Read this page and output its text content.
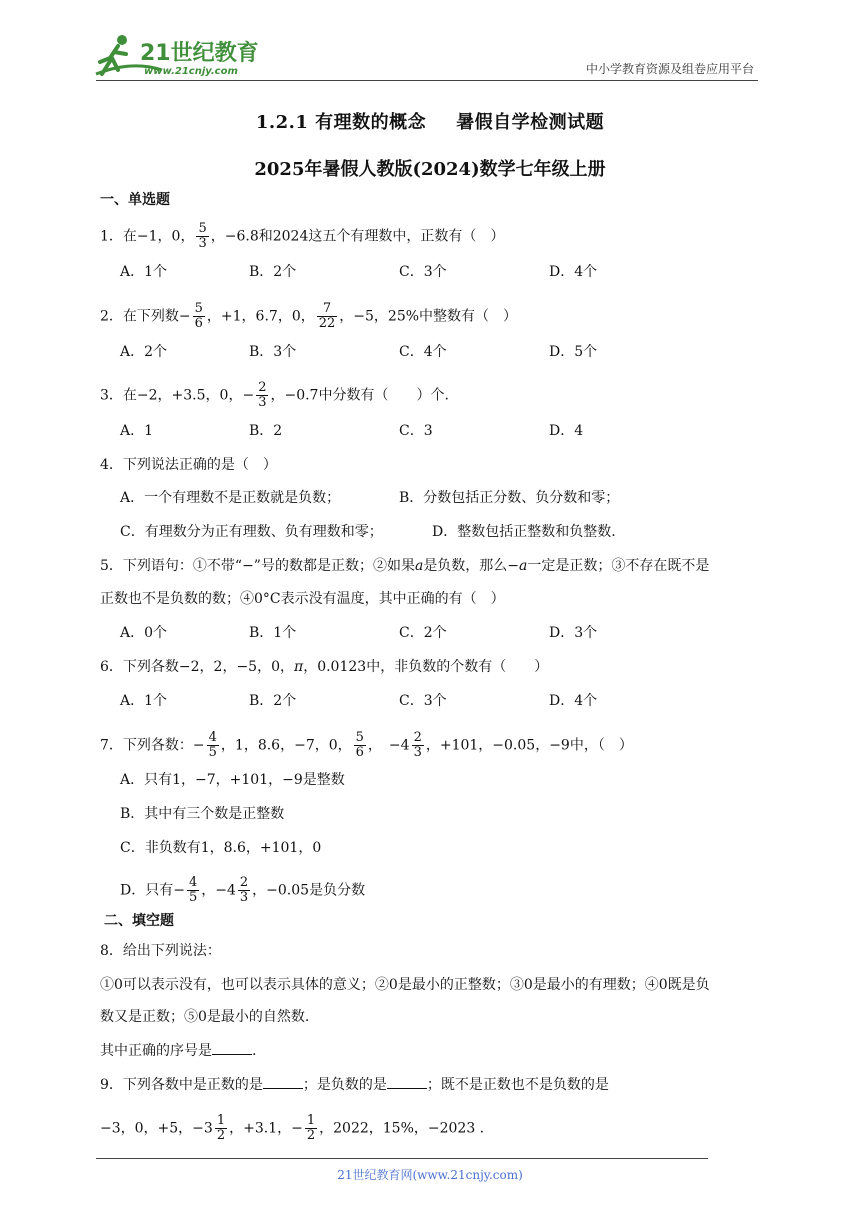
21世纪教育
www.21cnjy.com	中小学教育资源及组卷应用平台
1.2.1 有理数的概念 暑假自学检测试题
2025年暑假人教版(2024)数学七年级上册
一、单选题
1．在−1，0， $\frac{5}{3}$ ，−6.8和2024这五个有理数中，正数有（　）
A．1个	B．2个	C．3个	D．4个
2．在下列数− $\frac{5}{6}$ ，+1，6.7，0， $\frac{7}{22}$ ，−5，25%中整数有（　）
A．2个	B．3个	C．4个	D．5个
3．在−2，+3.5，0，− $\frac{2}{3}$ ，−0.7中分数有（　　）个.
A．1	B．2	C．3	D．4
4．下列说法正确的是（　）
A．一个有理数不是正数就是负数；	B．分数包括正分数、负分数和零；
C．有理数分为正有理数、负有理数和零；	D．整数包括正整数和负整数.
5．下列语句：①不带“−”号的数都是正数；②如果a是负数，那么−a一定是正数；③不存在既不是
正数也不是负数的数；④0°C表示没有温度，其中正确的有（　）
A．0个	B．1个	C．2个	D．3个
6．下列各数−2，2，−5，0，π，0.0123中，非负数的个数有（　　）
A．1个	B．2个	C．3个	D．4个
7．下列各数：− $\frac{4}{5}$ ，1，8.6，−7，0， $\frac{5}{6}$ ，　$-4 \frac{2}{3}$ ，+101，−0.05，−9中，（　）
A．只有1，−7，+101，−9是整数
B．其中有三个数是正整数
C．非负数有1，8.6，+101，0
D．只有− $\frac{4}{5}$ ，$-4 \frac{2}{3}$ ，−0.05是负分数
二、填空题
8．给出下列说法：
①0可以表示没有，也可以表示具体的意义；②0是最小的正整数；③0是最小的有理数；④0既是负
数又是正数；⑤0是最小的自然数.
其中正确的序号是	.
9．下列各数中是正数的是	；是负数的是	；既不是正数也不是负数的是
−3，0，+5，$-3 \frac{1}{2}$ ，+3.1，− $\frac{1}{2}$ ，2022，15%，−2023 .
21世纪教育网(www.21cnjy.com)
